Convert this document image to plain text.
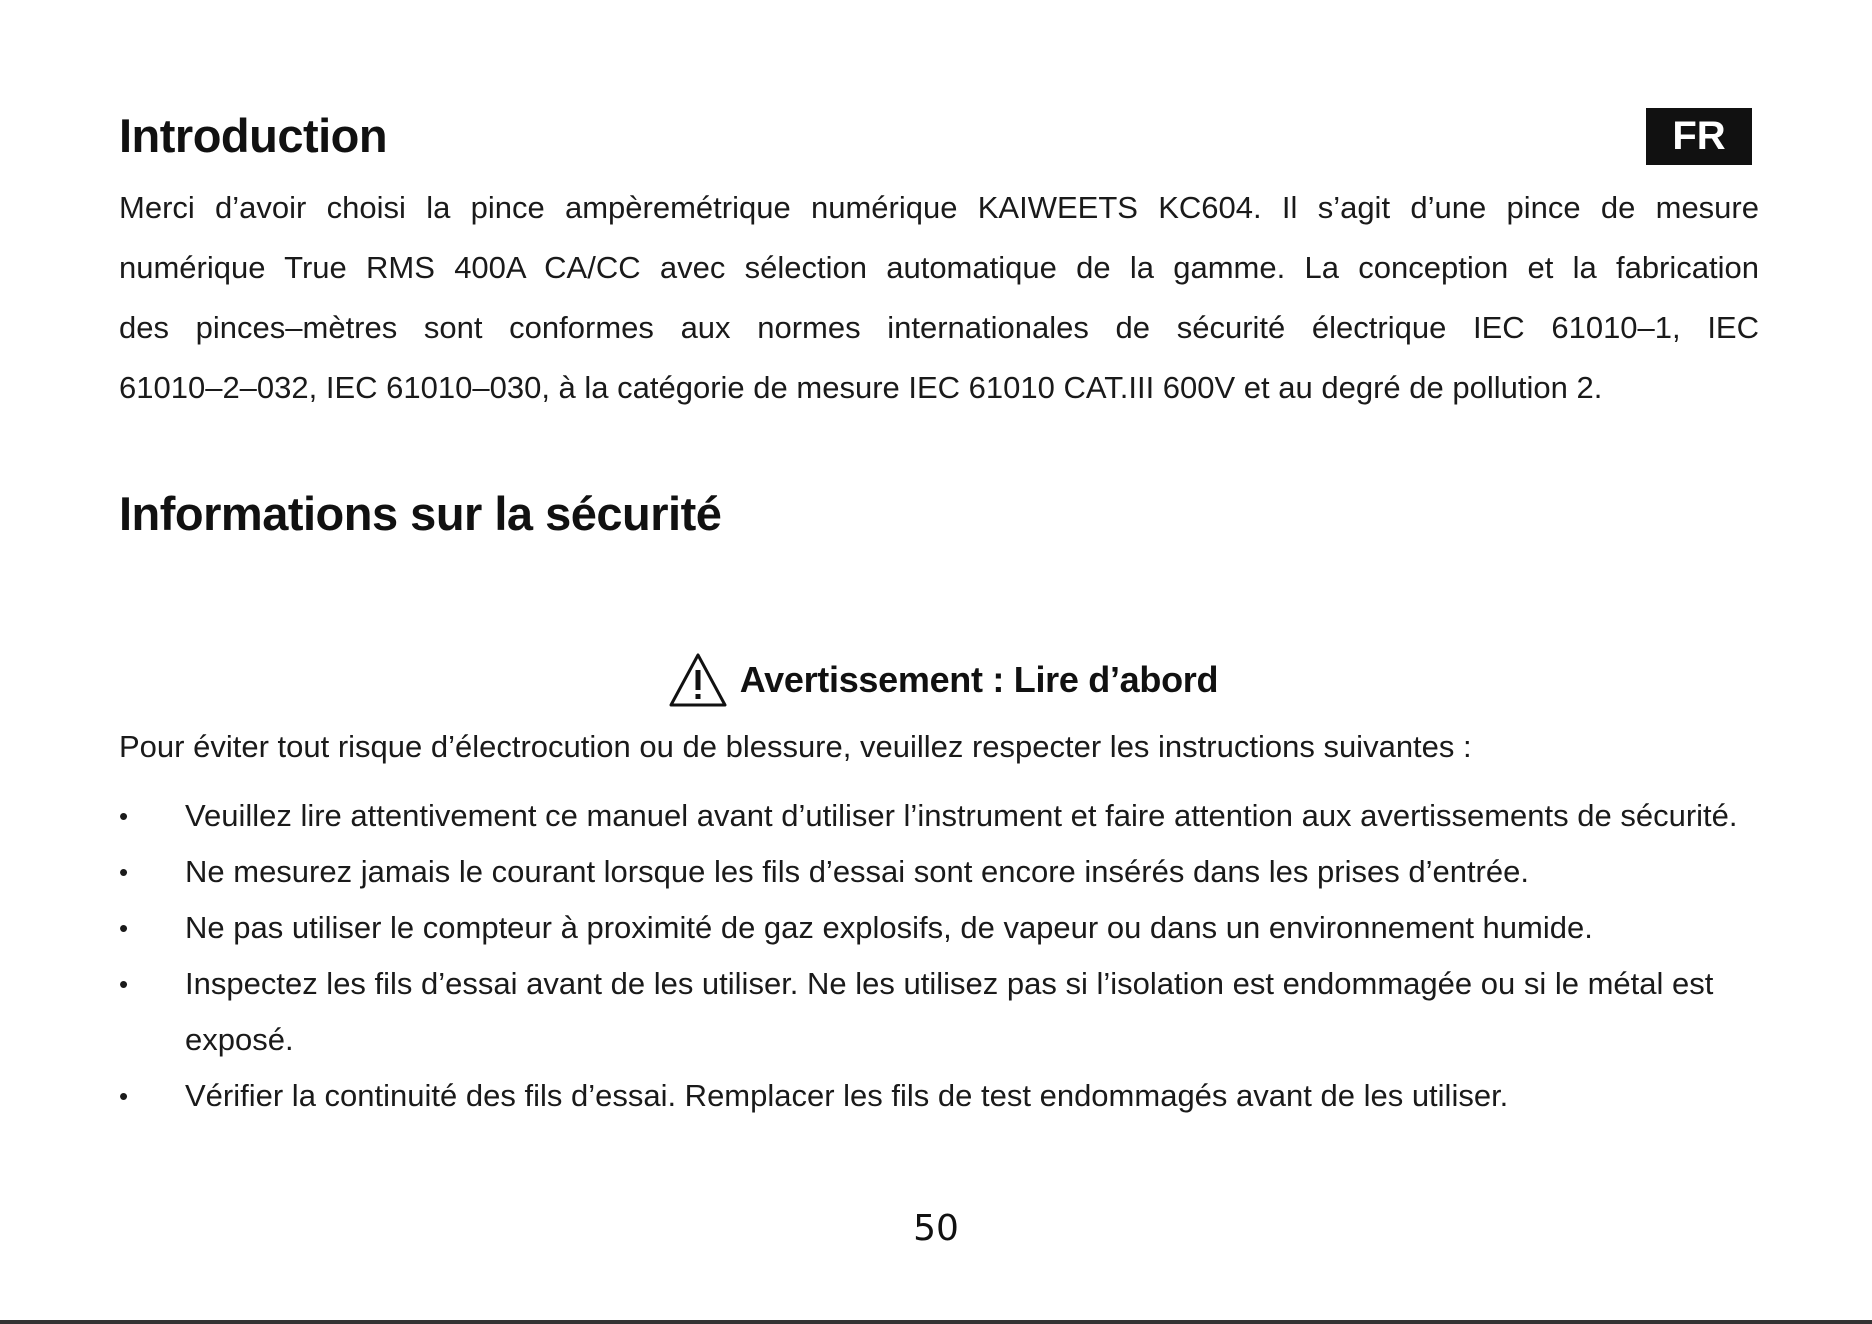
Introduction	FR

Merci d’avoir choisi la pince ampèremétrique numérique KAIWEETS KC604. Il s’agit d’une pince de mesure

numérique True RMS 400A CA/CC avec sélection automatique de la gamme. La conception et la fabrication

des pinces–mètres sont conformes aux normes internationales de sécurité électrique IEC 61010–1, IEC

61010–2–032, IEC 61010–030, à la catégorie de mesure IEC 61010 CAT.III 600V et au degré de pollution 2.

Informations sur la sécurité
Avertissement : Lire d’abord

Pour éviter tout risque d’électrocution ou de blessure, veuillez respecter les instructions suivantes :

• Veuillez lire attentivement ce manuel avant d’utiliser l’instrument et faire attention aux avertissements de sécurité.
• Ne mesurez jamais le courant lorsque les fils d’essai sont encore insérés dans les prises d’entrée.
• Ne pas utiliser le compteur à proximité de gaz explosifs, de vapeur ou dans un environnement humide.
• Inspectez les fils d’essai avant de les utiliser. Ne les utilisez pas si l’isolation est endommagée ou si le métal est exposé.
• Vérifier la continuité des fils d’essai. Remplacer les fils de test endommagés avant de les utiliser.
50
